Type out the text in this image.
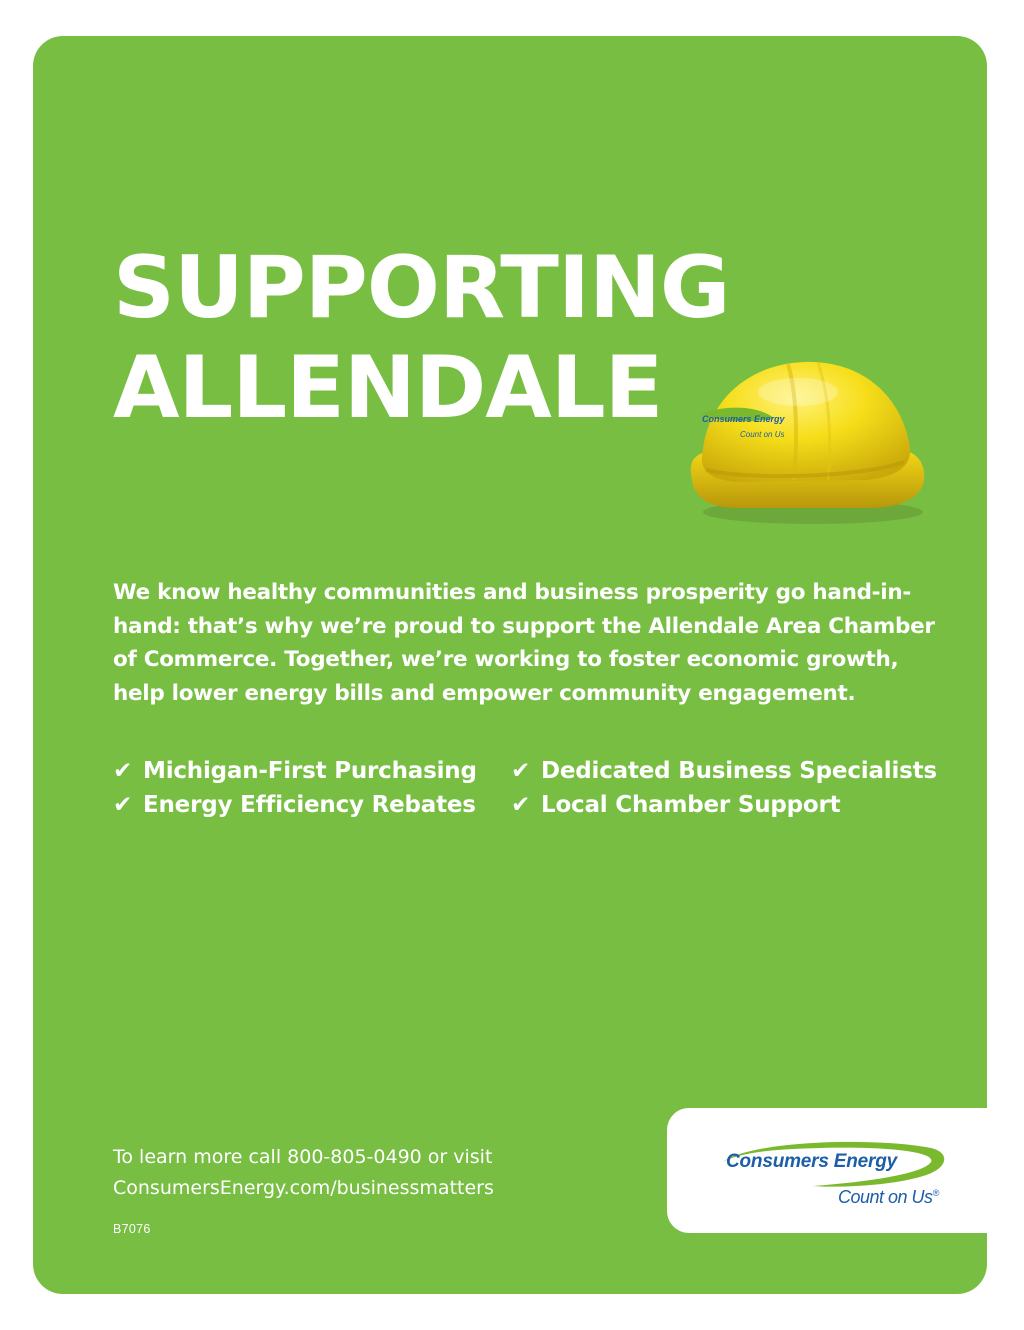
SUPPORTING
ALLENDALE	Consumers Energy
Count on Us

We know healthy communities and business prosperity go hand-in-hand: that’s why we’re proud to support the Allendale Area Chamber of Commerce. Together, we’re working to foster economic growth, help lower energy bills and empower community engagement.

✔ Michigan-First Purchasing
✔ Energy Efficiency Rebates
✔ Dedicated Business Specialists
✔ Local Chamber Support
To learn more call 800-805-0490 or visit
ConsumersEnergy.com/businessmatters
B7076
Consumers Energy
Count on Us®
